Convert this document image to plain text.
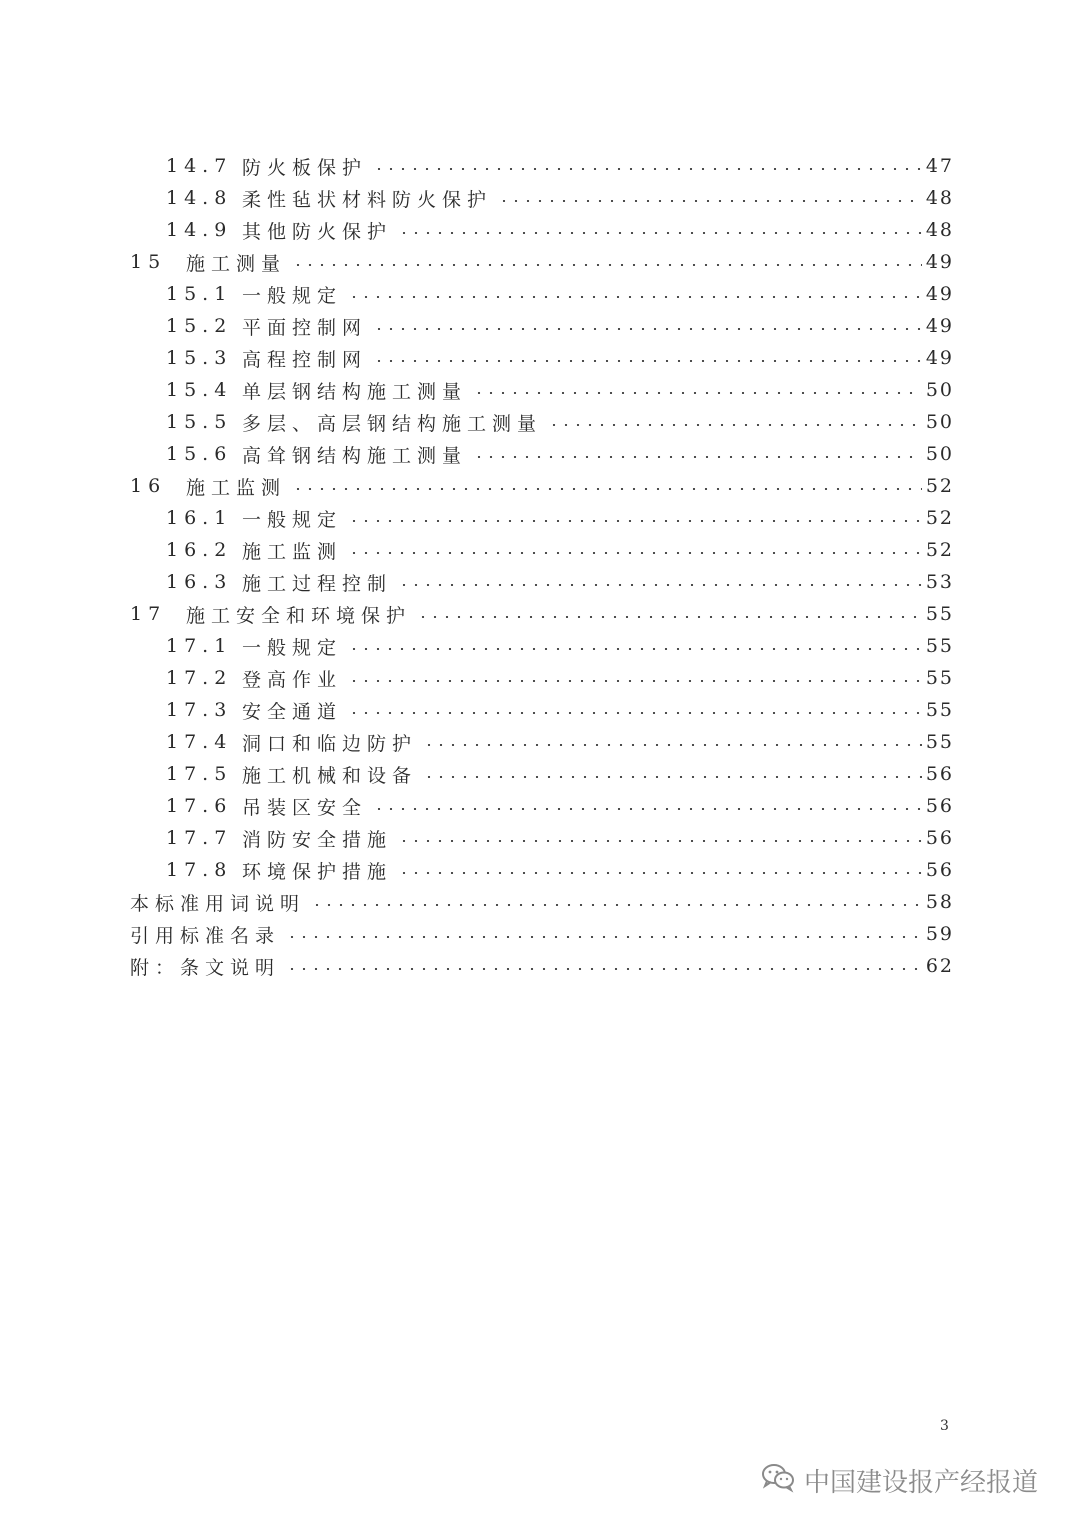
14.7 防火板保护	47
14.8 柔性毡状材料防火保护	48
14.9 其他防火保护	48
15	施工测量	49
15.1 一般规定	49
15.2 平面控制网	49
15.3 高程控制网	49
15.4 单层钢结构施工测量	50
15.5 多层、高层钢结构施工测量	50
15.6 高耸钢结构施工测量	50
16	施工监测	52
16.1 一般规定	52
16.2 施工监测	52
16.3 施工过程控制	53
17	施工安全和环境保护	55
17.1 一般规定	55
17.2 登高作业	55
17.3 安全通道	55
17.4 洞口和临边防护	55
17.5 施工机械和设备	56
17.6 吊装区安全	56
17.7 消防安全措施	56
17.8 环境保护措施	56
本标准用词说明	58
引用标准名录	59
附：条文说明	62
3
中国建设报产经报道
